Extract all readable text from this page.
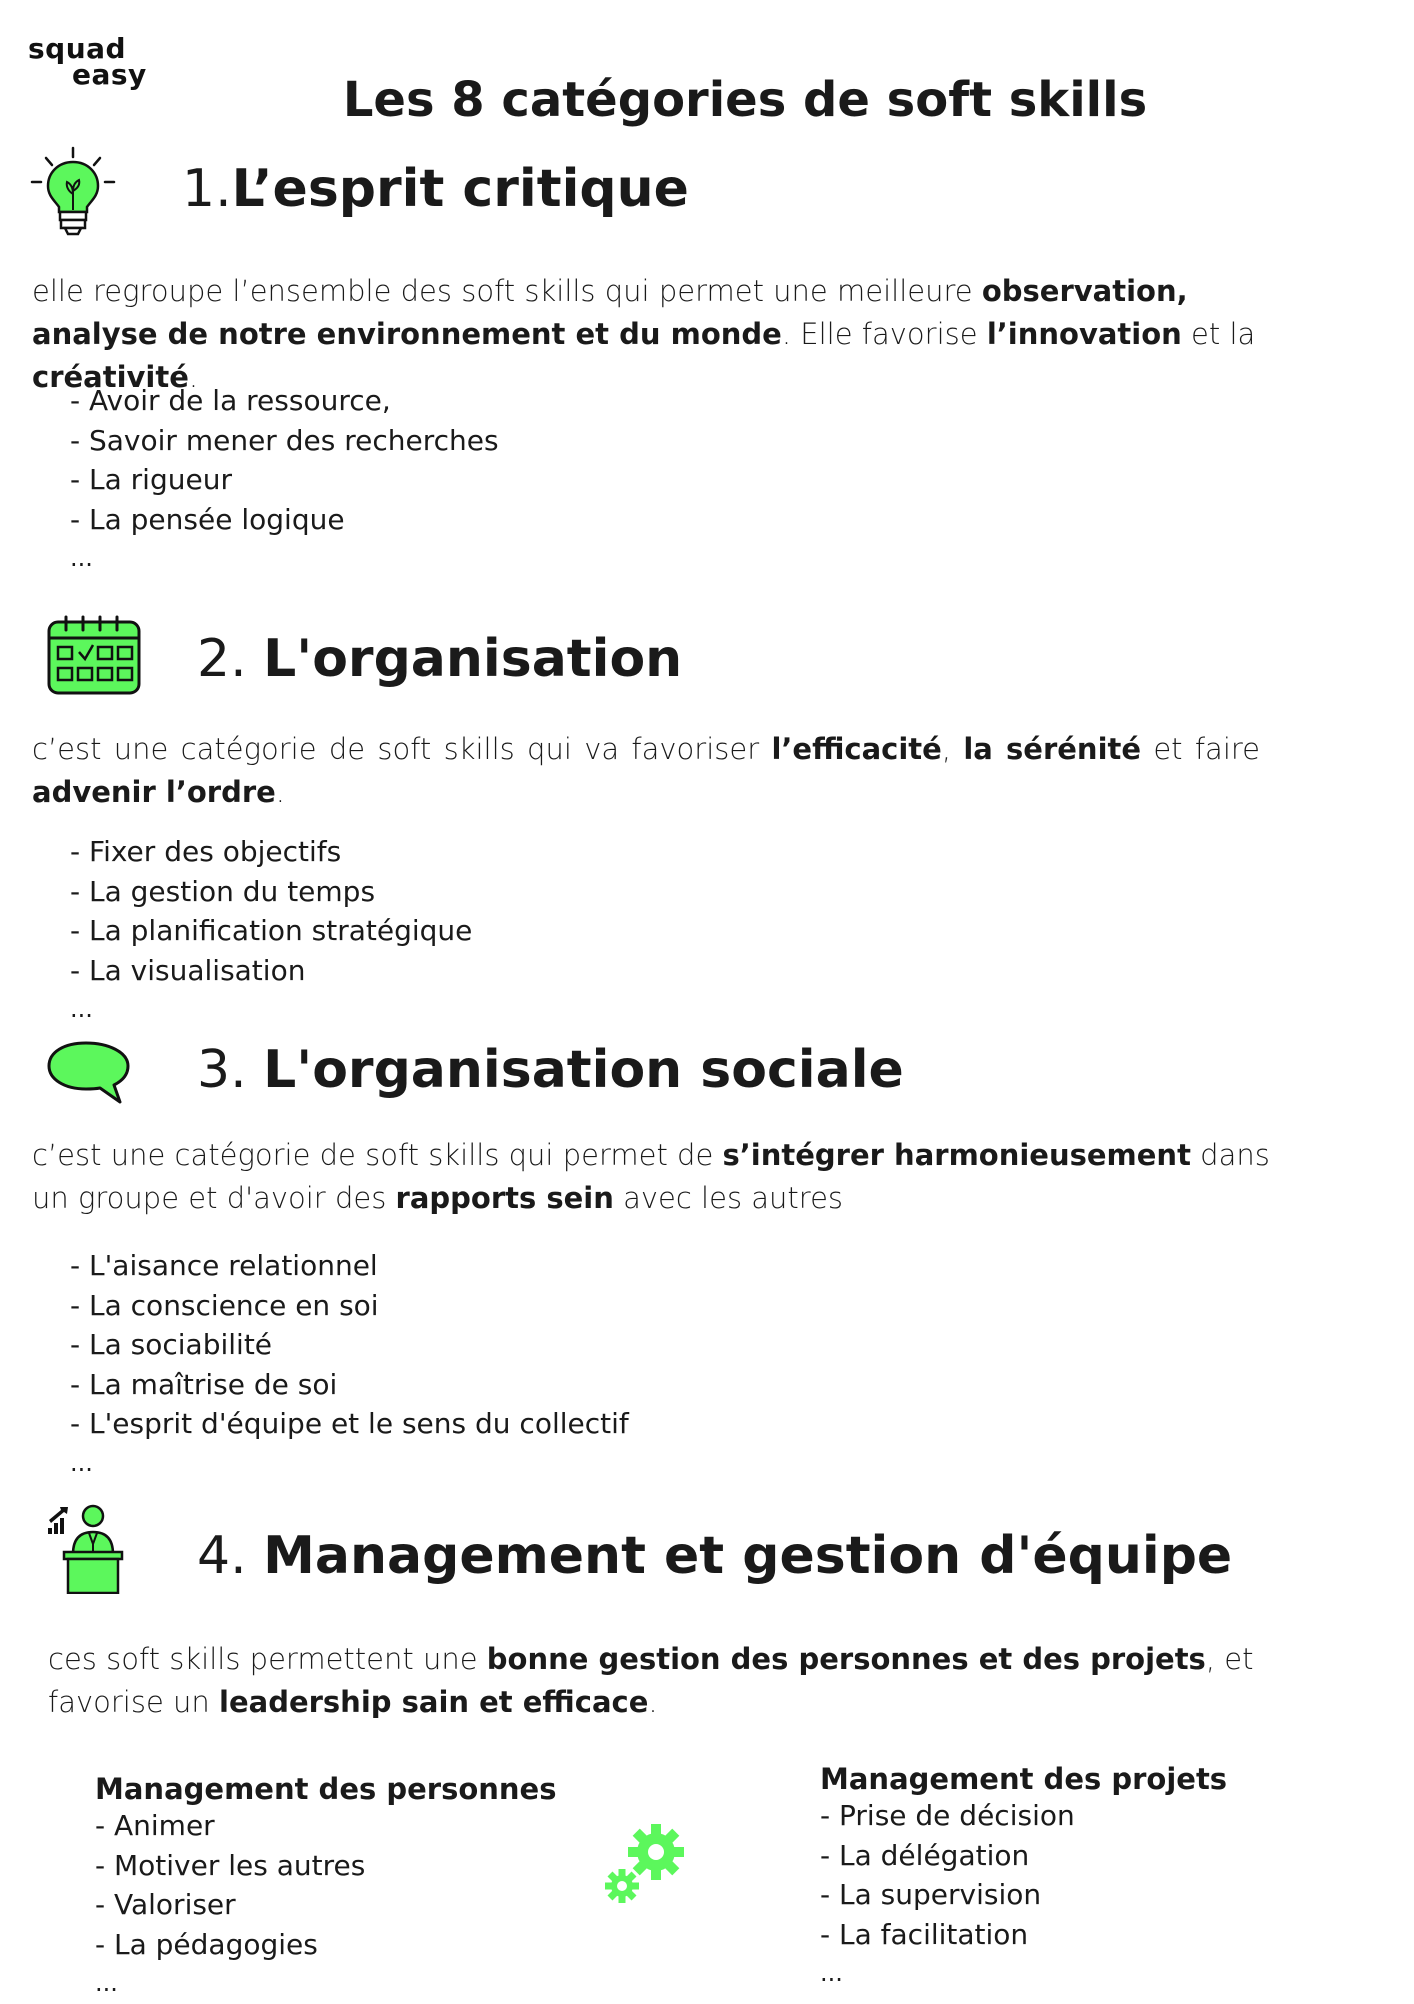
squad
easy	Les 8 catégories de soft skills
1.L’esprit critique
elle regroupe l’ensemble des soft skills qui permet une meilleure observation, analyse de notre environnement et du monde. Elle favorise l’innovation et la créativité.
- Avoir de la ressource,
- Savoir mener des recherches
- La rigueur
- La pensée logique
...
2. L'organisation
c’est une catégorie de soft skills qui va favoriser l’efficacité, la sérénité et faire advenir l’ordre.
- Fixer des objectifs
- La gestion du temps
- La planification stratégique
- La visualisation
...
3. L'organisation sociale
c’est une catégorie de soft skills qui permet de s’intégrer harmonieusement dans un groupe et d'avoir des rapports sein avec les autres
- L'aisance relationnel
- La conscience en soi
- La sociabilité
- La maîtrise de soi
- L'esprit d'équipe et le sens du collectif
...
4. Management et gestion d'équipe
ces soft skills permettent une bonne gestion des personnes et des projets, et favorise un leadership sain et efficace.
Management des personnes
- Animer
- Motiver les autres
- Valoriser
- La pédagogies
...
Management des projets
- Prise de décision
- La délégation
- La supervision
- La facilitation
...
